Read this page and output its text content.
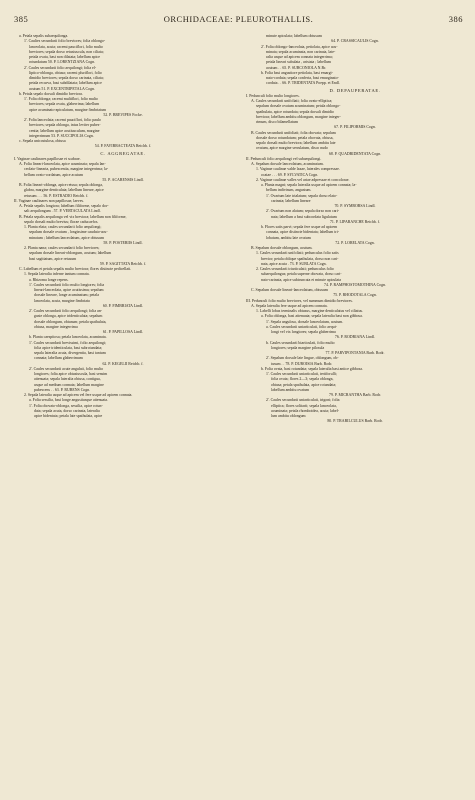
385	ORCHIDACEAE: PLEUROTHALLIS.	386
a. Petala sepalis subaequilonga.
1'. Caulies secundarii folio breviores; folia oblongo-
lanceolata, acuta; racemi pauciflori, folio multo
breviores; sepala dorso retusiuscula, non ciliata;
petala ovata, basi non dilatata; labellum apice
rotundatum 50. P. LORENTZIANA Cogn.
2'. Caules secundarii folio aequilongi; folia el-
liptico-oblonga, obtusa; racemi pluriflori, folio
dimidio breviores; sepala dorso carinata, ciliata;
petala recurva, basi subdilatata; labellum apice
acutum 51. P. EXCENTRIPETALA Cogn.
b. Petala sepalo dorsali dimidio breviora.
1'. Folia oblonga; racemi multiflori, folio multo
breviores; sepala ovata, glaberrima; labellum
apice acuminato-apiculatum, margine fimbriatum
52. P. BREVIPES Focke.
2'. Folia lanceolata; racemi pauciflori, folio paulo
breviores; sepala oblonga, intus leviter pubes-
centia; labellum apice acutiusculum, margine
integerrimum 53. P. SUCCIPOLIA Cogn.
c. Sepala unicostulosa, obtusa
54. P. FAVIBRACTEATA Reichb. f.
C. AGGREGATAE.
I. Vaginae caulinares papillosae et scabrae.
A. Folia lineari-lanceolata, apice acuminata; sepala lan-
ceolato-linearia, pubescentia, margine integerrima; la-
bellum ovato-cordatum, apice acutum
55. P. ACARENSIS Lindl.
B. Folia lineari-oblonga, apice retusa; sepala oblonga,
glabra, margine denticulata; labellum lineare, apice
retusum . . . 56. P. ESTRADIO Reichb. f.
II. Vaginae caulinares non papillosae, laeves.
A. Petala sepalis longiora; labellum filiforme, sepalo dor-
sali aequilongum . 57. P. VERTACULATA Lindl.
B. Petala sepalis aequilonga vel vix breviora; labellum non filiforme,
sepalo dorsali multo brevius; florae caducaefos.
1. Planta elata; caules secundarii folio aequilongi;
sepalum dorsale ovatum , longissime caudato-acu-
minatum ; labellum lanceolatum, apice obtusum
58. P. POSTERIIS Lindl.
2. Planta nana; caules secundarii folio breviores;
sepalum dorsale lineari-oblongum, acutum; labellum
basi sagittatum, apice retusum
59. P. SAGITTATA Reichb. f.
C. Labellum et petala sepalis multo breviora; flores distincte pedicellati.
1. Sepala lateralia inferne tantum connata.
a. Rhizoma longe repens.
1'. Caules secundarii folio multo longiores; folia
lineari-lanceolata, apice acutissima; sepalum
dorsale lineare, longe acuminatum; petala
lanceolata, acuta, margine fimbriata
60. P. FIMBRIATA Lindl.
2'. Caules secundarii folio aequilongi; folia an-
guste oblonga, apice tridenticulata; sepalum
dorsale oblongum, obtusum; petala spathulata,
obtusa, margine integerrima
61. P. PAPILLOSA Lindl.
b. Planta caespitosa; petala lanceolata, acuminata.
1'. Caules secundarii brevissimi, folio aequilongi;
folia apice tridenticulata, basi subrotundata;
sepala lateralia acuta, divergentia, basi tantum
connata; labellum glaberrimum
62. P. KEGELII Reichb. f.
2'. Caules secundarii acute angulati, folio multo
longiores; folia apice obtusiuscula, basi sensim
attenuata; sepala lateralia obtusa, contigua,
usque ad medium connata; labellum margine
pubescens . . 63. P. RUBENS Cogn.
2. Sepala lateralia usque ad apicem vel fere usque ad apicem connata.
a. Folia sessilia, basi longe angustiusque attenuata.
1'. Folia obovato-oblonga, sessilia, apice rotun-
data; sepala acuta, dorso carinata, lateralia
apice bidentata; petala late spathulata, apice
minute apiculata; labellum obtusum
64. P. CRASSICAULIS Cogn.
2'. Folia oblongo-lanceolata, petiolata, apice acu-
minata; sepala acuminata, non carinata, late-
ralia usque ad apicem connata integerrima;
petala lineari subulata , aristata ; labellum
acutum . . 65. P. SUBCONIOLA N.Br.
b. Folia basi angustiore petiolata, basi emargi-
nato-cordata; sepala conferta, basi emarginato-
cordata . . 66. P. TRIDENTATA Poepp. et Endl.
D. DEPAUPERATAE.
I. Pedunculi folio multo longiores.
A. Caules secundarii unifoliati; folia ovato-elliptica;
sepalum dorsale ovatum acuminatum; petala oblongo-
spathulata, apice rotundata; sepala dorsali dimidio
breviora; labellum ambitu oblongum, margine integer-
rimum, disco bilamellatum
67. P. FILIPORMIS Cogn.
B. Caules secundarii unifoliati; folia obovata; sepalum
dorsale dorso rotundatum; petala obovata, obtusa,
sepalo dorsali multo breviora; labellum ambitu late
ovatum, apice margine serrulatum, disco nudo
68. P. QUADRIDENTATA Cogn.
II. Pedunculi folio aequilongi vel subaequilongi.
A. Sepalum dorsale lanceolatum, acuminatum.
1. Vaginae caulinae valde laxae, laterales compressae.
ocatae . . . 69. P. SYLVATICA Cogn.
2. Vaginae caulinae valles vel artae adpressae et concolorae.
a. Planta magni; sepala lateralia usque ad apicem connata; la-
bellum indivisum, angustum.
1'. Ovarium late trialatum; sepala dorso elato-
carinata; labellum lineare
70. P. SYMBORSA Lindl.
2'. Ovarium non alatum; sepala dorso non cari-
nata; labellum a basi subcordata ligulatum
71. P. LIPARANCHE Reichb. f.
b. Flores satis parvi; sepala fere usque ad apicem
connata, apice distincte bidentata; labellum tri-
lobatum, ambitu late ovatum
72. P. LORELATA Cogn.
B. Sepalum dorsale oblongum, acutum.
1. Caules secundarii unifoliati; pedunculus folio satis
brevior; petala oblique spathulata, dorso non cari-
nata, apice acuta . 73. P. SUBLATA Cogn.
2. Caules secundarii triarticulati; pedunculus folio
subaequilongus; petala superne obovata, dorso cari-
nato-carinata, apice subtruncata et minute apiculata
74. P. RAMPHOSTOMOTHINA Cogn.
C. Sepalum dorsale lineari-lanceolatum, obtusum
75. P. RHODOTALA Cogn.
III. Pedunculi folio multo breviores, vel summum dimidio breviores.
A. Sepala lateralia fere usque ad apicem connata.
1. Labelli lobus terminalis obtusus, margine denticulatus vel ciliatus.
a. Folia oblonga, basi attenuata; sepala lateralia basi non gibbosa.
1'. Sepala angulosa, dorsale lanceolatum, acutum.
a. Caules secundarii uniarticulati, folio aequi-
longi vel vix longiores; sepala glaberrima
76. P. RODRIANA Lindl.
b. Caules secundarii biarticulati, folio multo
longiores; sepala margine pilosula
77. P. PARVIPONTANIA Barb. Rodr.
2'. Sepalum dorsale late lingue, oblongum, ob-
tusum . . 78. P. DUBOISIA Barb. Rodr.
b. Folia ovata, basi rotundata; sepala lateralia basi antice gibbosa.
1'. Caules secundarii uniarticulati, tertiforulli;
folia ovata; flores 2—3; sepala oblonga,
obtusa; petala spathulata, apice rotundata;
labellum ambitu ovatum
79. P. MICRANTHA Barb. Rodr.
2'. Caules secundarii uniarticulati, trigoni; folia
elliptica; flores solitarii; sepala lanceolata,
acuminata; petala rhomboidea, acuta; label-
lum ambitu oblongum
80. P. TRABILCULUS Barb. Rodr.
